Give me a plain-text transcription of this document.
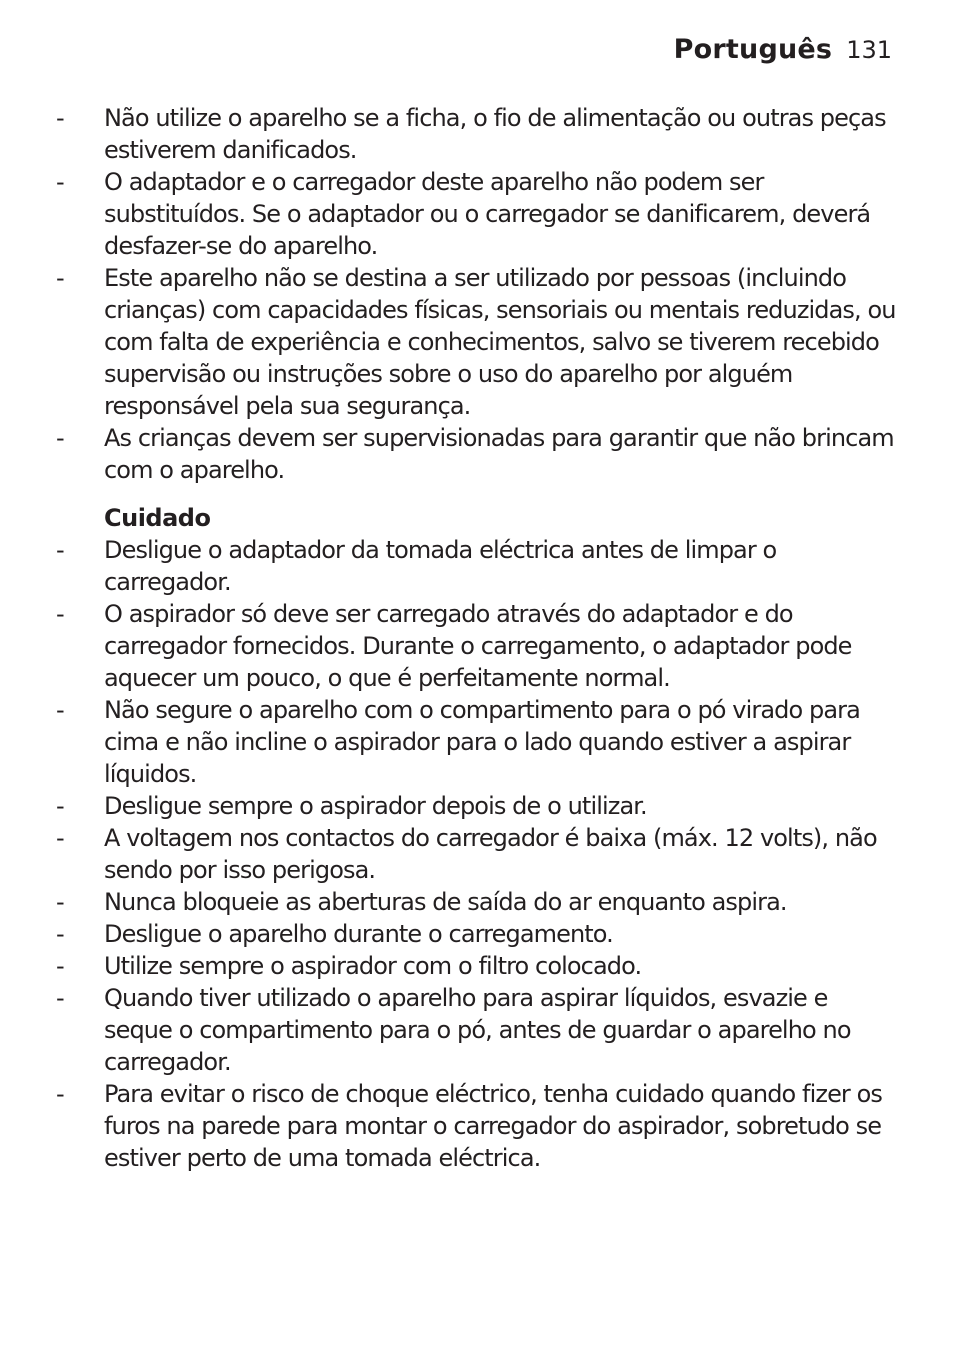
Português 131
- Não utilize o aparelho se a ficha, o fio de alimentação ou outras peças estiverem danificados.
- O adaptador e o carregador deste aparelho não podem ser substituídos. Se o adaptador ou o carregador se danificarem, deverá desfazer-se do aparelho.
- Este aparelho não se destina a ser utilizado por pessoas (incluindo crianças) com capacidades físicas, sensoriais ou mentais reduzidas, ou com falta de experiência e conhecimentos, salvo se tiverem recebido supervisão ou instruções sobre o uso do aparelho por alguém responsável pela sua segurança.
- As crianças devem ser supervisionadas para garantir que não brincam com o aparelho.
Cuidado
- Desligue o adaptador da tomada eléctrica antes de limpar o carregador.
- O aspirador só deve ser carregado através do adaptador e do carregador fornecidos. Durante o carregamento, o adaptador pode aquecer um pouco, o que é perfeitamente normal.
- Não segure o aparelho com o compartimento para o pó virado para cima e não incline o aspirador para o lado quando estiver a aspirar líquidos.
- Desligue sempre o aspirador depois de o utilizar.
- A voltagem nos contactos do carregador é baixa (máx. 12 volts), não sendo por isso perigosa.
- Nunca bloqueie as aberturas de saída do ar enquanto aspira.
- Desligue o aparelho durante o carregamento.
- Utilize sempre o aspirador com o filtro colocado.
- Quando tiver utilizado o aparelho para aspirar líquidos, esvazie e seque o compartimento para o pó, antes de guardar o aparelho no carregador.
- Para evitar o risco de choque eléctrico, tenha cuidado quando fizer os furos na parede para montar o carregador do aspirador, sobretudo se estiver perto de uma tomada eléctrica.
